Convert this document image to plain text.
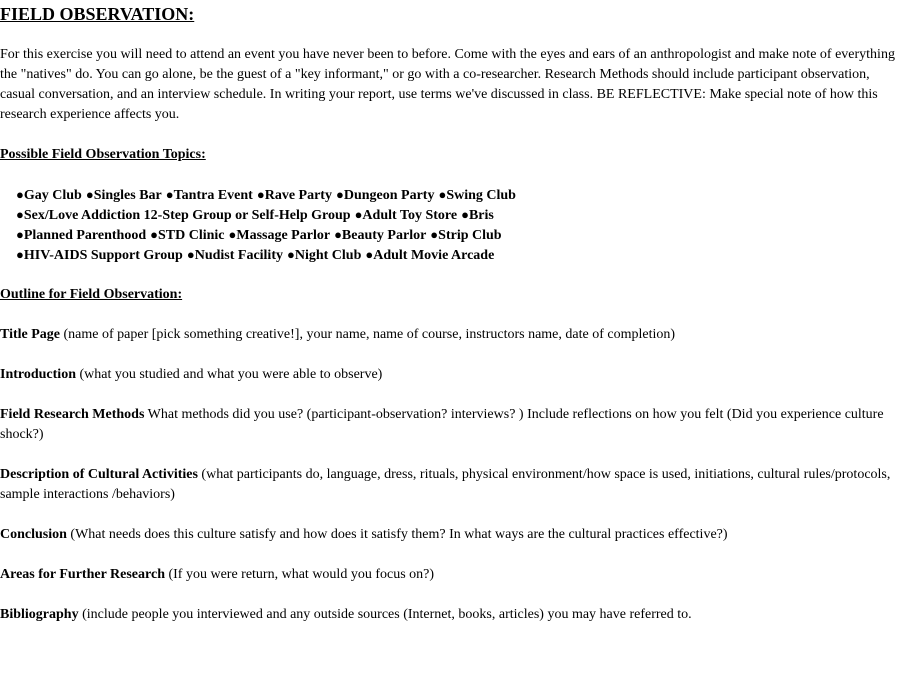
FIELD OBSERVATION:

For this exercise you will need to attend an event you have never been to before. Come with the eyes and ears of an anthropologist and make note of everything the "natives" do. You can go alone, be the guest of a "key informant," or go with a co-researcher. Research Methods should include participant observation, casual conversation, and an interview schedule. In writing your report, use terms we've discussed in class. BE REFLECTIVE: Make special note of how this research experience affects you.

Possible Field Observation Topics:

●Gay Club ●Singles Bar ●Tantra Event ●Rave Party ●Dungeon Party ●Swing Club
●Sex/Love Addiction 12-Step Group or Self-Help Group ●Adult Toy Store ●Bris
●Planned Parenthood ●STD Clinic ●Massage Parlor ●Beauty Parlor ●Strip Club
●HIV-AIDS Support Group ●Nudist Facility ●Night Club ●Adult Movie Arcade

Outline for Field Observation:

Title Page (name of paper [pick something creative!], your name, name of course, instructors name, date of completion)

Introduction (what you studied and what you were able to observe)

Field Research Methods What methods did you use? (participant-observation? interviews? ) Include reflections on how you felt (Did you experience culture shock?)

Description of Cultural Activities (what participants do, language, dress, rituals, physical environment/how space is used, initiations, cultural rules/protocols, sample interactions /behaviors)

Conclusion (What needs does this culture satisfy and how does it satisfy them? In what ways are the cultural practices effective?)

Areas for Further Research (If you were return, what would you focus on?)

Bibliography (include people you interviewed and any outside sources (Internet, books, articles) you may have referred to.
